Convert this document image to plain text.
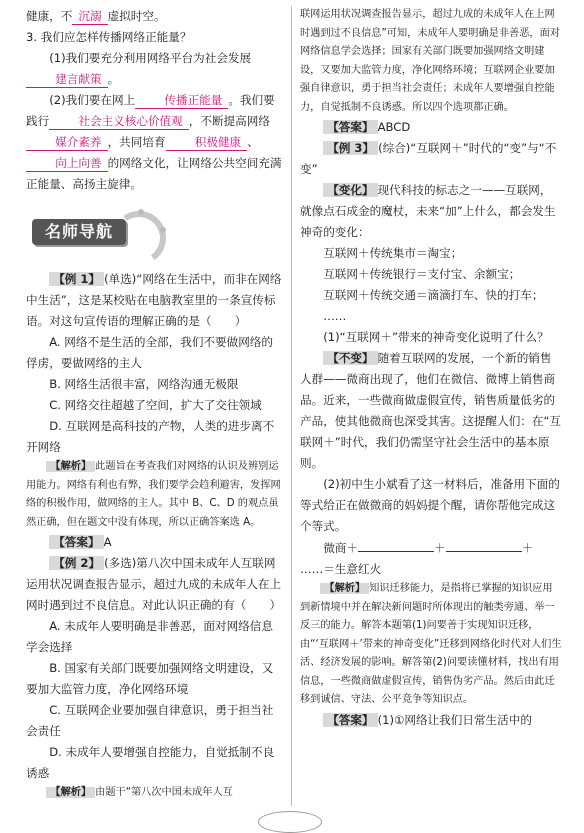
健康，不 沉溺 虚拟时空。

3. 我们应怎样传播网络正能量？

(1)我们要充分利用网络平台为社会发展建言献策 。

(2)我们要在网上	传播正能量 。我们要践行	社会主义核心价值观 ，不断提高网络媒介素养 ，共同培育	积极健康 、向上向善 的网络文化，让网络公共空间充满正能量、高扬主旋律。

名师导航

【例 1】 (单选)“网络在生活中，而非在网络中生活”，这是某校贴在电脑教室里的一条宣传标语。对这句宣传语的理解正确的是（　　）

A. 网络不是生活的全部，我们不要做网络的俘虏，要做网络的主人

B. 网络生活很丰富，网络沟通无极限

C. 网络交往超越了空间，扩大了交往领域

D. 互联网是高科技的产物，人类的进步离不开网络

【解析】 此题旨在考查我们对网络的认识及辨别运用能力。网络有利也有弊，我们要学会趋利避害，发挥网络的积极作用，做网络的主人。其中 B、C、D 的观点虽然正确，但在题文中没有体现，所以正确答案选 A。

【答案】 A

【例 2】 (多选)第八次中国未成年人互联网运用状况调查报告显示，超过九成的未成年人在上网时遇到过不良信息。对此认识正确的有（　　）

A. 未成年人要明确是非善恶，面对网络信息学会选择

B. 国家有关部门既要加强网络文明建设，又要加大监管力度，净化网络环境

C. 互联网企业要加强自律意识，勇于担当社会责任

D. 未成年人要增强自控能力，自觉抵制不良诱惑

【解析】 由题干“第八次中国未成年人互

联网运用状况调查报告显示，超过九成的未成年人在上网时遇到过不良信息”可知，未成年人要明确是非善恶，面对网络信息学会选择；国家有关部门既要加强网络文明建设，又要加大监管力度，净化网络环境；互联网企业要加强自律意识，勇于担当社会责任；未成年人要增强自控能力，自觉抵制不良诱惑。所以四个选项都正确。

【答案】 ABCD

【例 3】 (综合)“互联网＋”时代的“变”与“不变”

【变化】 现代科技的标志之一——互联网，就像点石成金的魔杖，未来“加”上什么，都会发生神奇的变化：

互联网＋传统集市＝淘宝；

互联网＋传统银行＝支付宝、余额宝；

互联网＋传统交通＝滴滴打车、快的打车；

……

(1)“互联网＋”带来的神奇变化说明了什么？

【不变】 随着互联网的发展，一个新的销售人群——微商出现了，他们在微信、微博上销售商品。近来，一些微商做虚假宣传，销售质量低劣的产品，使其他微商也深受其害。这提醒人们：在“互联网＋”时代，我们仍需坚守社会生活中的基本原则。

(2)初中生小斌看了这一材料后，准备用下面的等式给正在做微商的妈妈提个醒，请你帮他完成这个等式。

微商＋	＋	＋

……＝生意红火

【解析】 知识迁移能力，是指将已掌握的知识应用到新情境中并在解决新问题时所体现出的触类旁通、举一反三的能力。解答本题第(1)问要善于实现知识迁移，由“‘互联网＋’带来的神奇变化”迁移到网络化时代对人们生活、经济发展的影响。解答第(2)问要读懂材料，找出有用信息，一些微商做虚假宣传，销售伪劣产品。然后由此迁移到诚信、守法、公平竞争等知识点。

【答案】 (1)①网络让我们日常生活中的
